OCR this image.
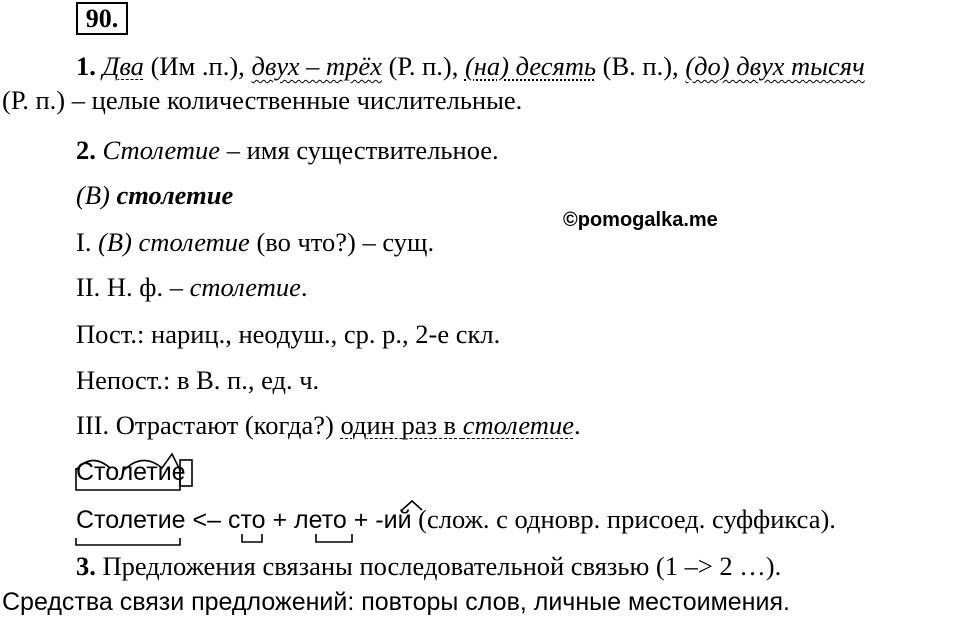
90.
1. Два (Им .п.), двух – трёх (Р. п.), (на) десять (В. п.), (до) двух тысяч
(Р. п.) – целые количественные числительные.
2. Столетие – имя существительное.
(В) столетие
©pomogalka.me
I. (В) столетие (во что?) – сущ.
II. Н. ф. – столетие.
Пост.: нариц., неодуш., ср. р., 2-е скл.
Непост.: в В. п., ед. ч.
III. Отрастают (когда?) один раз в столетие.
Столетие
Столетие <– сто + лето + -ий (слож. с одновр. присоед. суффикса).
3. Предложения связаны последовательной связью (1 –> 2 …).
Средства связи предложений: повторы слов, личные местоимения.
